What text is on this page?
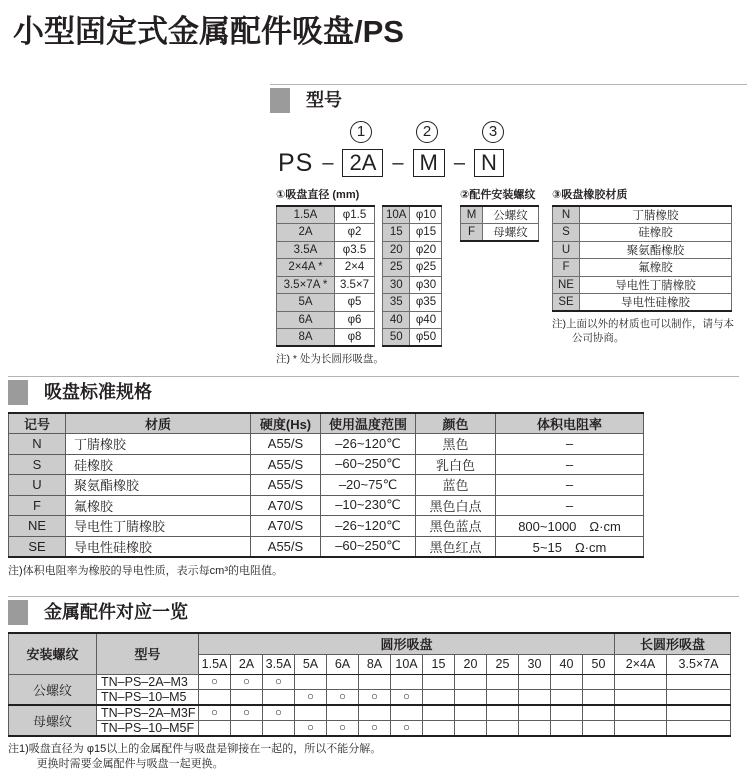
小型固定式金属配件吸盘/PS
型号
1	2	3
PS – 2A – M – N
①吸盘直径 (mm)
1.5A	φ1.5
2A	φ2
3.5A	φ3.5
2×4A *	2×4
3.5×7A *	3.5×7
5A	φ5
6A	φ6
8A	φ8
10A	φ10
15	φ15
20	φ20
25	φ25
30	φ30
35	φ35
40	φ40
50	φ50
注) * 处为长圆形吸盘。
②配件安装螺纹
M	公螺纹
F	母螺纹
③吸盘橡胶材质
N	丁腈橡胶
S	硅橡胶
U	聚氨酯橡胶
F	氟橡胶
NE	导电性丁腈橡胶
SE	导电性硅橡胶
注)上面以外的材质也可以制作，请与本公司协商。
吸盘标准规格
记号	材质	硬度(Hs)	使用温度范围	颜色	体积电阻率
N	丁腈橡胶	A55/S	–26~120℃	黑色	–
S	硅橡胶	A55/S	–60~250℃	乳白色	–
U	聚氨酯橡胶	A55/S	–20~75℃	蓝色	–
F	氟橡胶	A70/S	–10~230℃	黑色白点	–
NE	导电性丁腈橡胶	A70/S	–26~120℃	黑色蓝点	800~1000　Ω·cm
SE	导电性硅橡胶	A55/S	–60~250℃	黑色红点	5~15　Ω·cm
注)体积电阻率为橡胶的导电性质，表示每cm³的电阻值。
金属配件对应一览
安装螺纹	型号	圆形吸盘													长圆形吸盘	
		1.5A	2A	3.5A	5A	6A	8A	10A	15	20	25	30	40	50	2×4A	3.5×7A
公螺纹	TN–PS–2A–M3	○	○	○												
	TN–PS–10–M5				○	○	○	○								
母螺纹	TN–PS–2A–M3F	○	○	○												
	TN–PS–10–M5F				○	○	○	○								
注1)吸盘直径为 φ15以上的金属配件与吸盘是铆接在一起的，所以不能分解。
更换时需要金属配件与吸盘一起更换。
